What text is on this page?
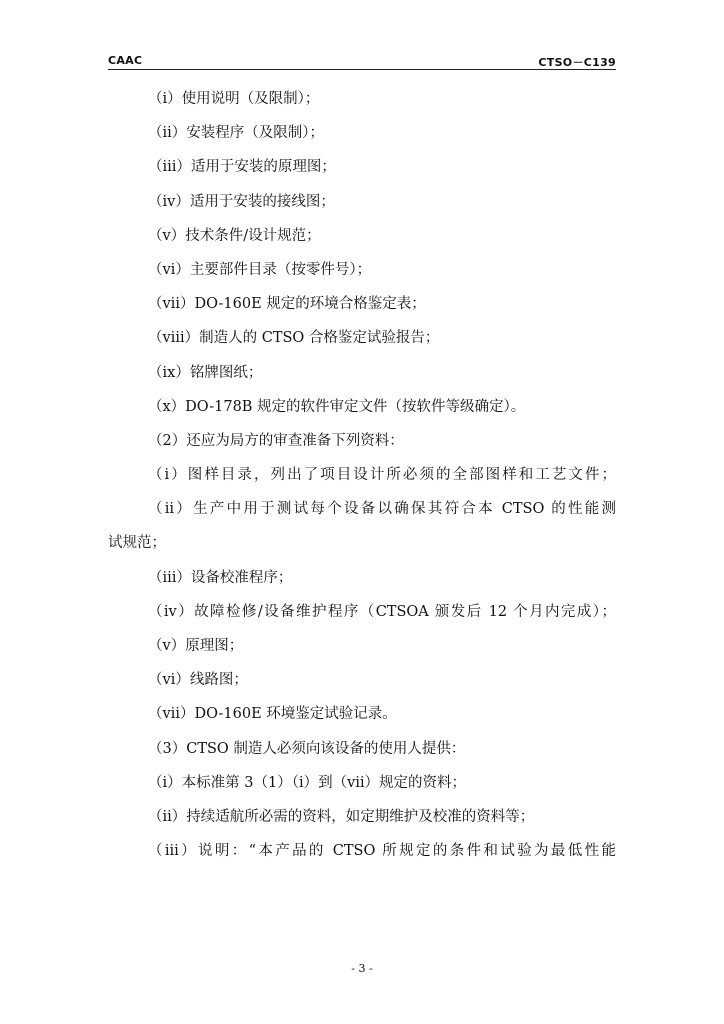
CAAC	CTSO－C139
（ⅰ）使用说明（及限制）；
（ⅱ）安装程序（及限制）；
（ⅲ）适用于安装的原理图；
（ⅳ）适用于安装的接线图；
（ⅴ）技术条件/设计规范；
（ⅵ）主要部件目录（按零件号）；
（ⅶ）DO-160E 规定的环境合格鉴定表；
（ⅷ）制造人的 CTSO 合格鉴定试验报告；
（ⅸ）铭牌图纸；
（ⅹ）DO-178B 规定的软件审定文件（按软件等级确定）。
（2）还应为局方的审查准备下列资料：
（ⅰ）图样目录，列出了项目设计所必须的全部图样和工艺文件；
（ⅱ）生产中用于测试每个设备以确保其符合本 CTSO 的性能测
试规范；
（ⅲ）设备校准程序；
（ⅳ）故障检修/设备维护程序（CTSOA 颁发后 12 个月内完成）；
（ⅴ）原理图；
（ⅵ）线路图；
（ⅶ）DO-160E 环境鉴定试验记录。
（3）CTSO 制造人必须向该设备的使用人提供：
（ⅰ）本标准第 3（1）（ⅰ）到（ⅶ）规定的资料；
（ⅱ）持续适航所必需的资料，如定期维护及校准的资料等；
（ⅲ）说明：“本产品的 CTSO 所规定的条件和试验为最低性能
- 3 -
